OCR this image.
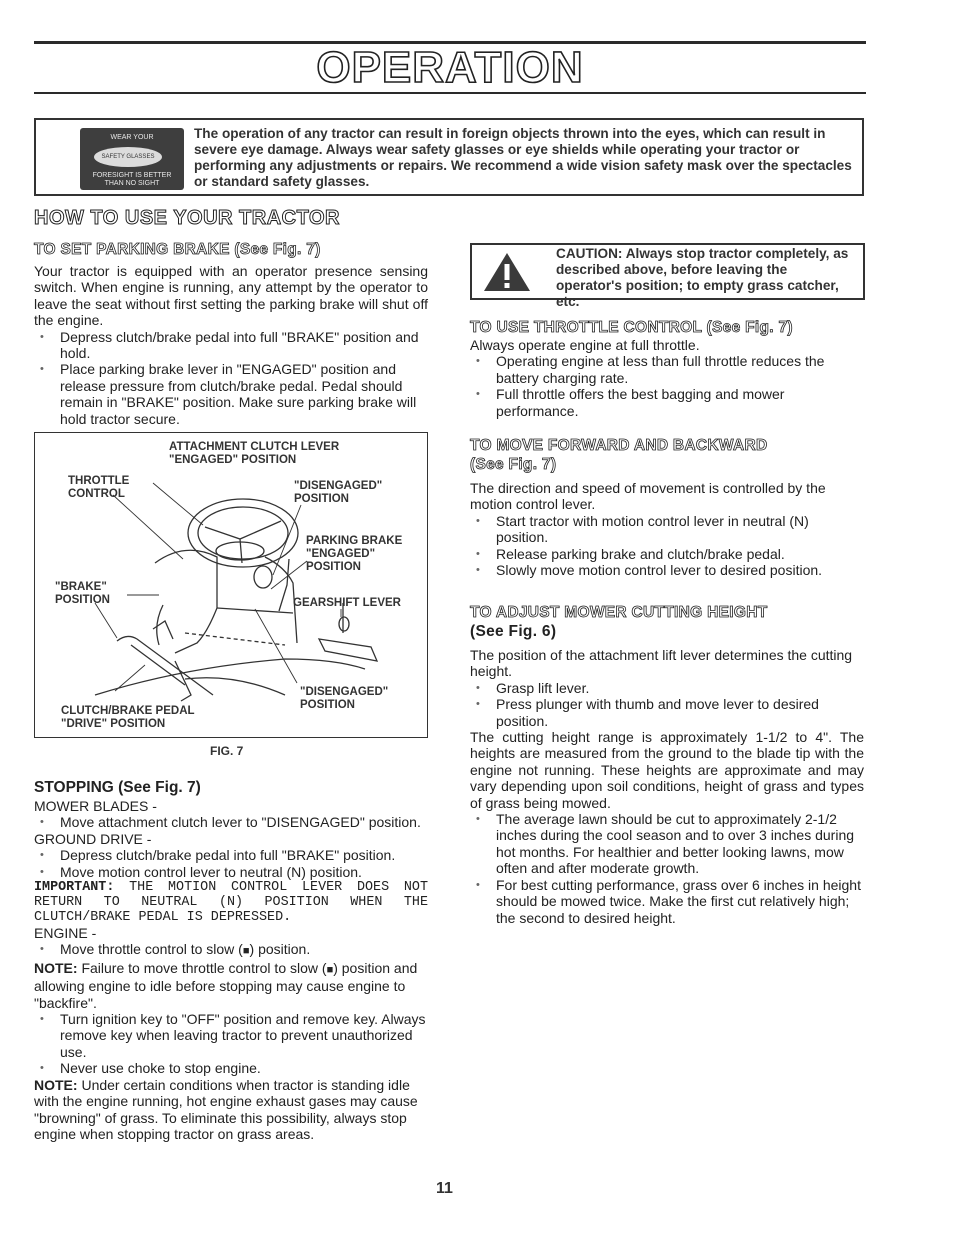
OPERATION
WEAR YOUR
SAFETY GLASSES
FORESIGHT IS BETTER
THAN NO SIGHT
The operation of any tractor can result in foreign objects thrown into the eyes, which can result in severe eye damage. Always wear safety glasses or eye shields while operating your tractor or performing any adjustments or repairs. We recommend a wide vision safety mask over the spectacles or standard safety glasses.
HOW TO USE YOUR TRACTOR
TO SET PARKING BRAKE (See Fig. 7)
Your tractor is equipped with an operator presence sensing switch. When engine is running, any attempt by the operator to leave the seat without first setting the parking brake will shut off the engine.
• Depress clutch/brake pedal into full "BRAKE" position and hold.
• Place parking brake lever in "ENGAGED" position and release pressure from clutch/brake pedal. Pedal should remain in "BRAKE" position. Make sure parking brake will hold tractor secure.
ATTACHMENT CLUTCH LEVER
"ENGAGED" POSITION
THROTTLE
CONTROL
"DISENGAGED"
POSITION
PARKING BRAKE
"ENGAGED"
POSITION
"BRAKE"
POSITION	GEARSHIFT LEVER
"DISENGAGED"
POSITION
CLUTCH/BRAKE PEDAL
"DRIVE" POSITION
FIG. 7
STOPPING (See Fig. 7)
MOWER BLADES -
• Move attachment clutch lever to "DISENGAGED" position.
GROUND DRIVE -
• Depress clutch/brake pedal into full "BRAKE" position.
• Move motion control lever to neutral (N) position.
IMPORTANT: THE MOTION CONTROL LEVER DOES NOT RETURN TO NEUTRAL (N) POSITION WHEN THE CLUTCH/BRAKE PEDAL IS DEPRESSED.
ENGINE -
• Move throttle control to slow (■) position.
NOTE: Failure to move throttle control to slow (■) position and allowing engine to idle before stopping may cause engine to "backfire".
• Turn ignition key to "OFF" position and remove key. Always remove key when leaving tractor to prevent unauthorized use.
• Never use choke to stop engine.
NOTE: Under certain conditions when tractor is standing idle with the engine running, hot engine exhaust gases may cause "browning" of grass. To eliminate this possibility, always stop engine when stopping tractor on grass areas.
CAUTION: Always stop tractor completely, as described above, before leaving the operator's position; to empty grass catcher, etc.
TO USE THROTTLE CONTROL (See Fig. 7)
Always operate engine at full throttle.
• Operating engine at less than full throttle reduces the battery charging rate.
• Full throttle offers the best bagging and mower performance.
TO MOVE FORWARD AND BACKWARD
(See Fig. 7)
The direction and speed of movement is controlled by the motion control lever.
• Start tractor with motion control lever in neutral (N) position.
• Release parking brake and clutch/brake pedal.
• Slowly move motion control lever to desired position.
TO ADJUST MOWER CUTTING HEIGHT
(See Fig. 6)
The position of the attachment lift lever determines the cutting height.
• Grasp lift lever.
• Press plunger with thumb and move lever to desired position.
The cutting height range is approximately 1-1/2 to 4". The heights are measured from the ground to the blade tip with the engine not running. These heights are approximate and may vary depending upon soil conditions, height of grass and types of grass being mowed.
• The average lawn should be cut to approximately 2-1/2 inches during the cool season and to over 3 inches during hot months. For healthier and better looking lawns, mow often and after moderate growth.
• For best cutting performance, grass over 6 inches in height should be mowed twice. Make the first cut relatively high; the second to desired height.
11
